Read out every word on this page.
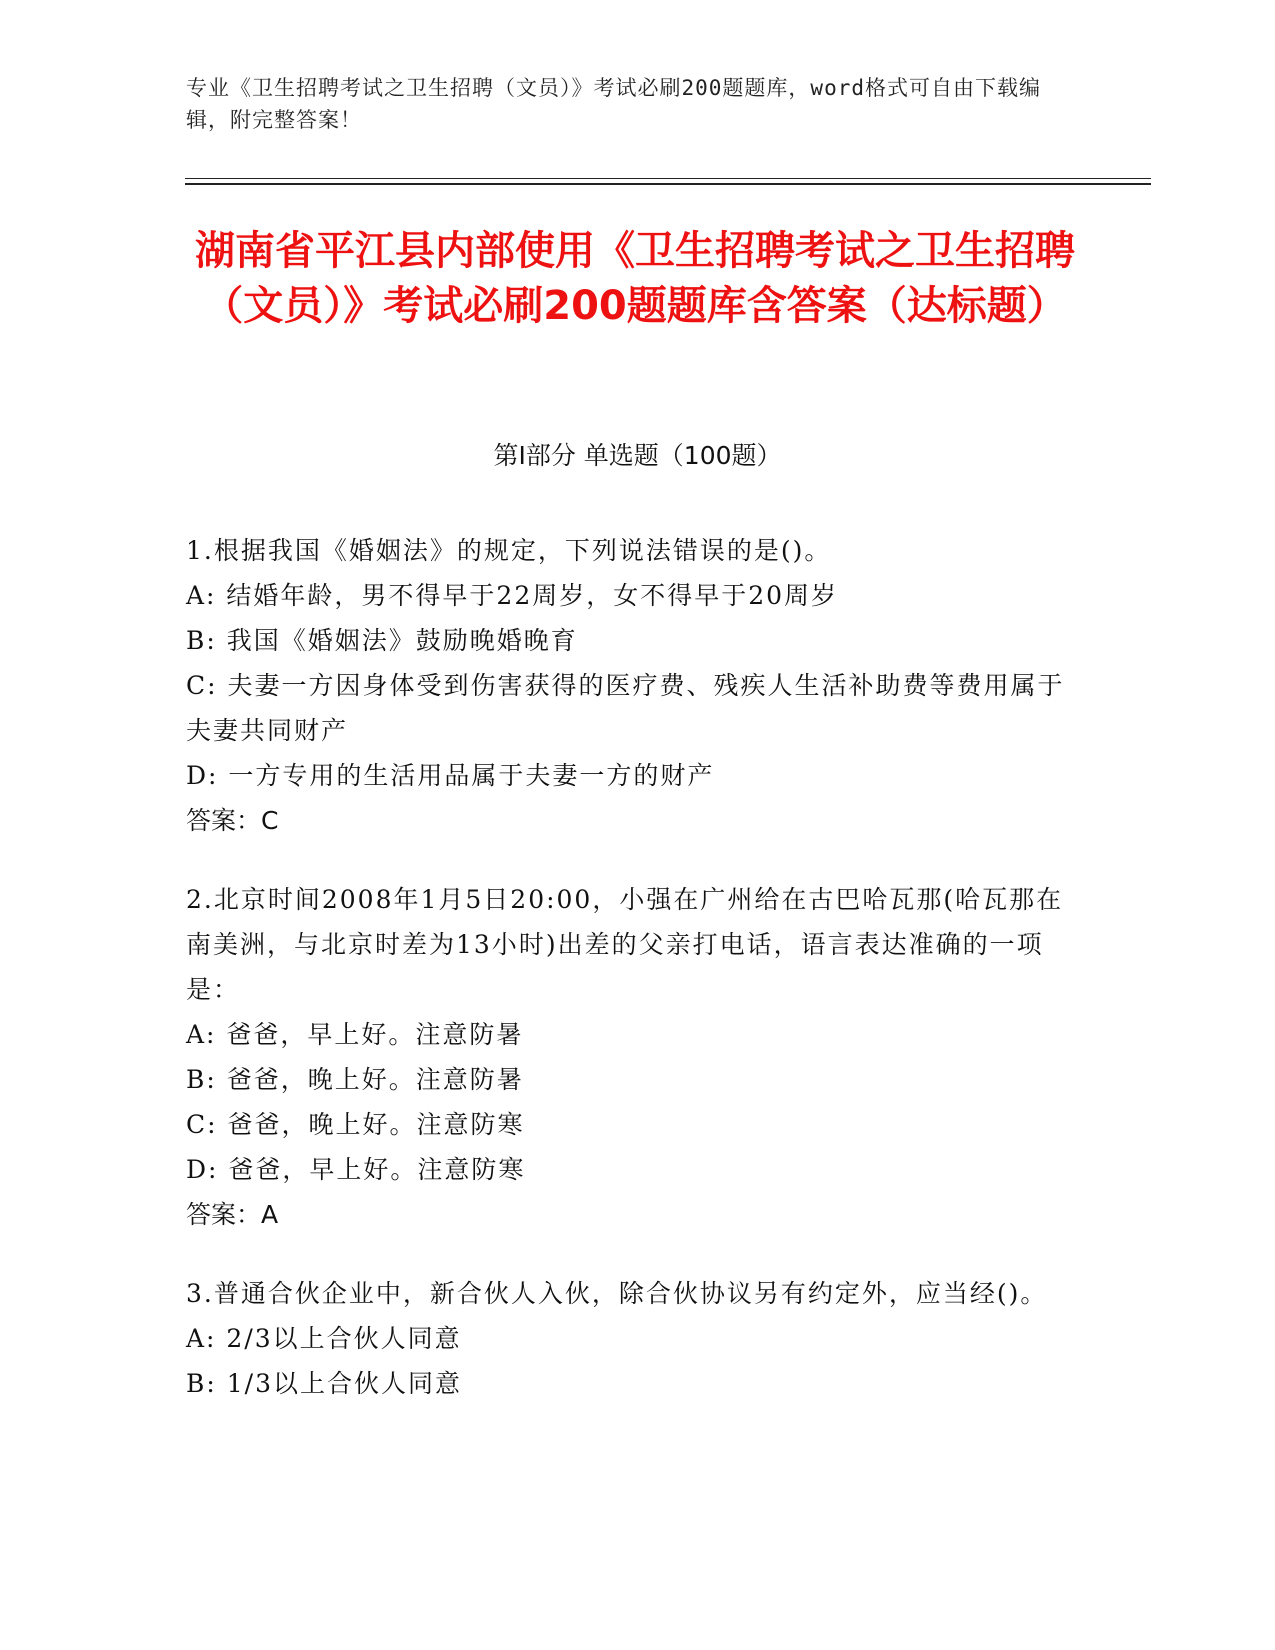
专业《卫生招聘考试之卫生招聘（文员）》考试必刷200题题库，word格式可自由下载编辑，附完整答案！
湖南省平江县内部使用《卫生招聘考试之卫生招聘（文员）》考试必刷200题题库含答案（达标题）
第Ⅰ部分 单选题（100题）
1.根据我国《婚姻法》的规定，下列说法错误的是()。
A: 结婚年龄，男不得早于22周岁，女不得早于20周岁
B: 我国《婚姻法》鼓励晚婚晚育
C: 夫妻一方因身体受到伤害获得的医疗费、残疾人生活补助费等费用属于夫妻共同财产
D: 一方专用的生活用品属于夫妻一方的财产
答案：C
2.北京时间2008年1月5日20:00，小强在广州给在古巴哈瓦那(哈瓦那在南美洲，与北京时差为13小时)出差的父亲打电话，语言表达准确的一项是：
A: 爸爸，早上好。注意防暑
B: 爸爸，晚上好。注意防暑
C: 爸爸，晚上好。注意防寒
D: 爸爸，早上好。注意防寒
答案：A
3.普通合伙企业中，新合伙人入伙，除合伙协议另有约定外，应当经()。
A: 2/3以上合伙人同意
B: 1/3以上合伙人同意
